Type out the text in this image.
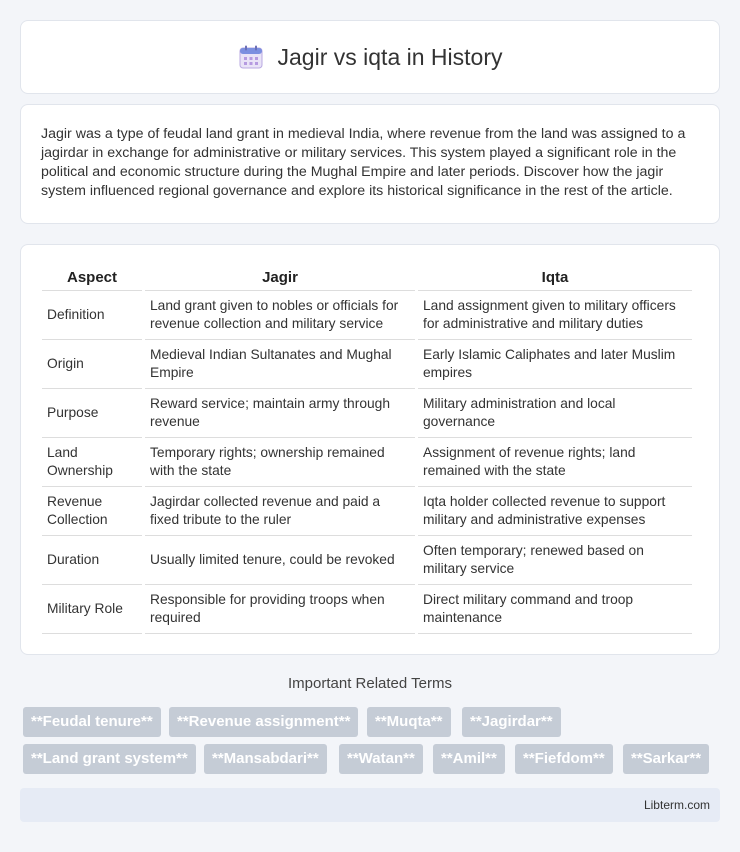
Jagir vs iqta in History

Jagir was a type of feudal land grant in medieval India, where revenue from the land was assigned to a jagirdar in exchange for administrative or military services. This system played a significant role in the political and economic structure during the Mughal Empire and later periods. Discover how the jagir system influenced regional governance and explore its historical significance in the rest of the article.

Aspect	Jagir	Iqta
Definition	Land grant given to nobles or officials for revenue collection and military service	Land assignment given to military officers for administrative and military duties
Origin	Medieval Indian Sultanates and Mughal Empire	Early Islamic Caliphates and later Muslim empires
Purpose	Reward service; maintain army through revenue	Military administration and local governance
Land Ownership	Temporary rights; ownership remained with the state	Assignment of revenue rights; land remained with the state
Revenue Collection	Jagirdar collected revenue and paid a fixed tribute to the ruler	Iqta holder collected revenue to support military and administrative expenses
Duration	Usually limited tenure, could be revoked	Often temporary; renewed based on military service
Military Role	Responsible for providing troops when required	Direct military command and troop maintenance
Important Related Terms
**Feudal tenure**	**Revenue assignment**	**Muqta**	**Jagirdar**
**Land grant system**	**Mansabdari**	**Watan**	**Amil**	**Fiefdom**	**Sarkar**
Libterm.com
